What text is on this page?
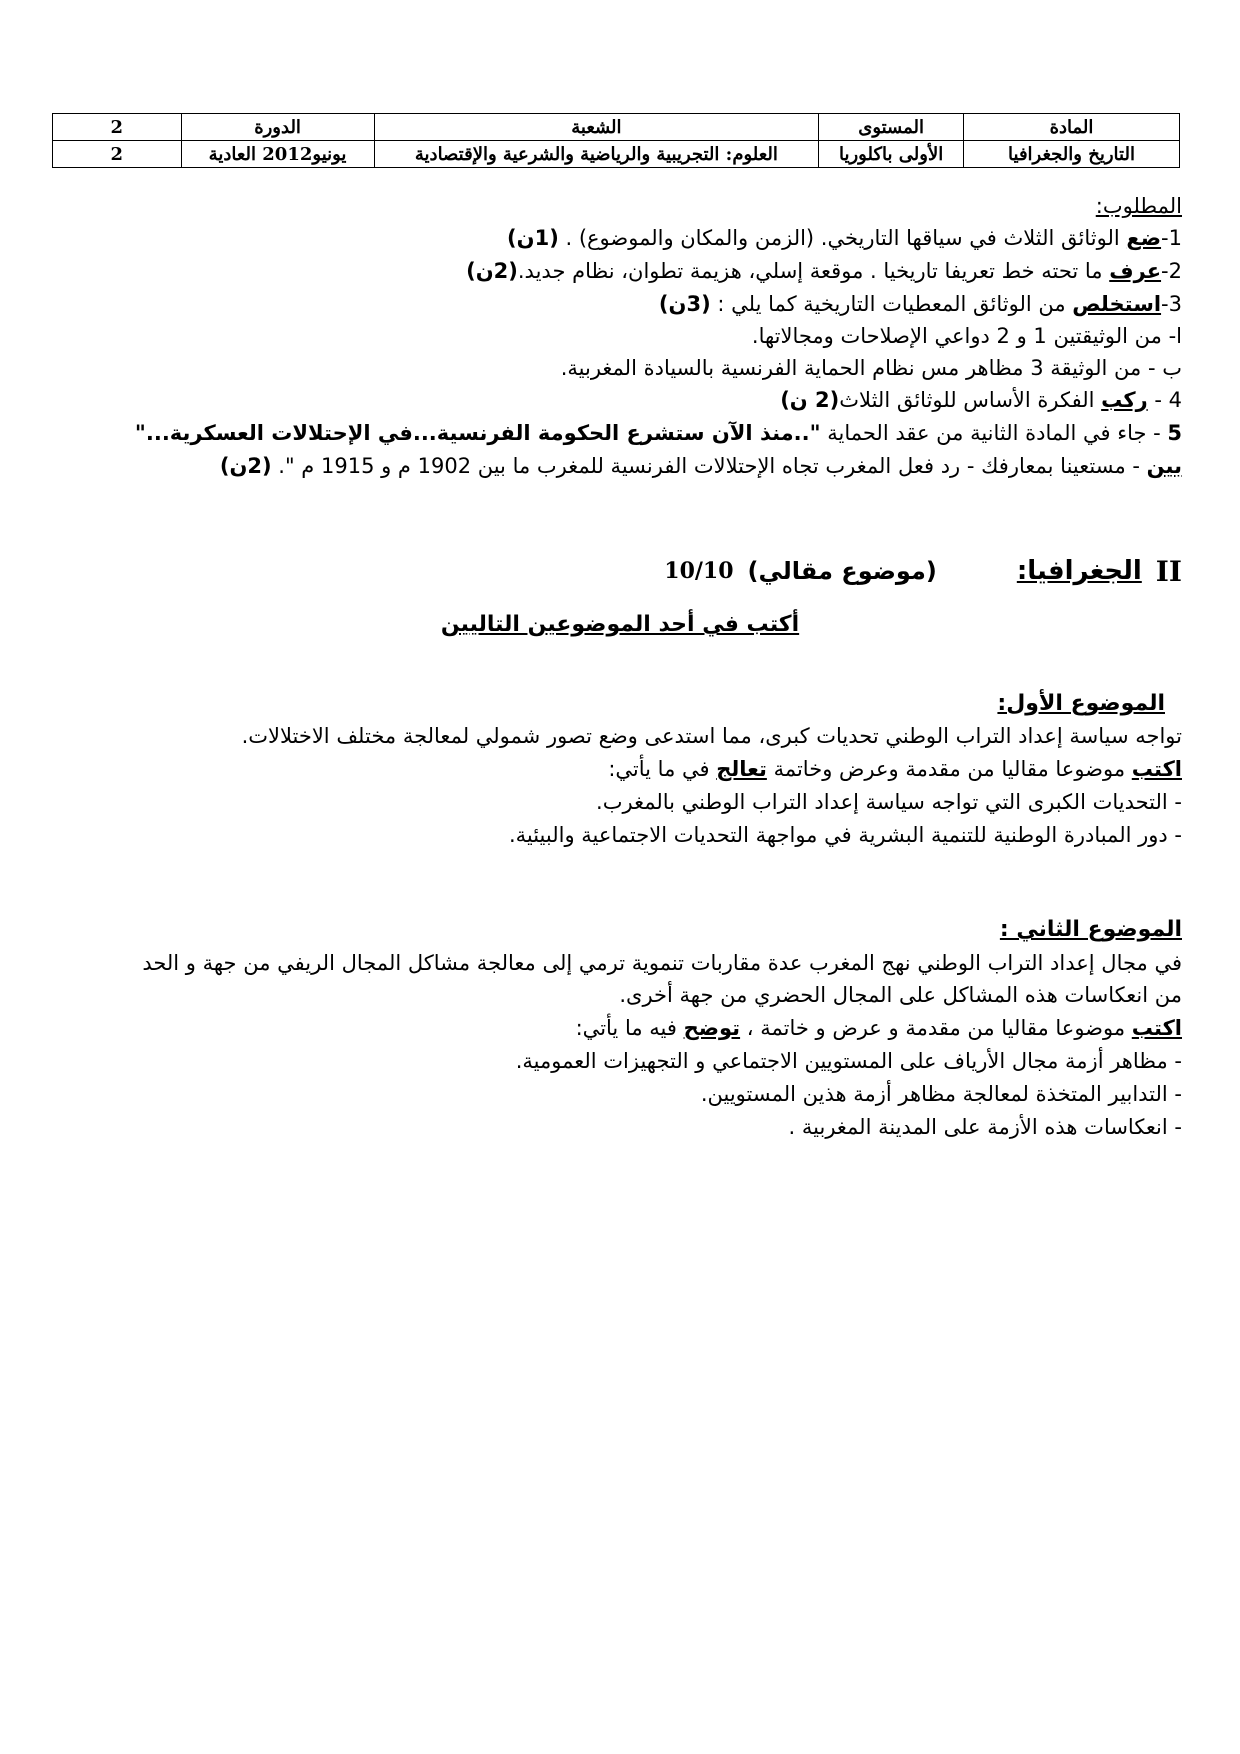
المادة	المستوى	الشعبة	الدورة	2
التاريخ والجغرافيا	الأولى باكلوريا	العلوم: التجريبية والرياضية والشرعية والإقتصادية	يونيو2012 العادية	2
المطلوب:
1-ضع الوثائق الثلاث في سياقها التاريخي. (الزمن والمكان والموضوع) . (1ن)
2-عرف ما تحته خط تعريفا تاريخيا . موقعة إسلي، هزيمة تطوان، نظام جديد.(2ن)
3-استخلص من الوثائق المعطيات التاريخية كما يلي : (3ن)
ا- من الوثيقتين 1 و 2 دواعي الإصلاحات ومجالاتها.
ب - من الوثيقة 3 مظاهر مس نظام الحماية الفرنسية بالسيادة المغربية.
4 - ركب الفكرة الأساس للوثائق الثلاث(2 ن)
5 - جاء في المادة الثانية من عقد الحماية "..منذ الآن ستشرع الحكومة الفرنسية...في الإحتلالات العسكرية..."
بين - مستعينا بمعارفك - رد فعل المغرب تجاه الإحتلالات الفرنسية للمغرب ما بين 1902 م و 1915 م ". (2ن)
II
الجغرافيا:
(موضوع مقالي)
10/10
أكتب في أحد الموضوعين التاليين
الموضوع الأول:
تواجه سياسة إعداد التراب الوطني تحديات كبرى، مما استدعى وضع تصور شمولي لمعالجة مختلف الاختلالات.
اكتب موضوعا مقاليا من مقدمة وعرض وخاتمة تعالج في ما يأتي:
- التحديات الكبرى التي تواجه سياسة إعداد التراب الوطني بالمغرب.
- دور المبادرة الوطنية للتنمية البشرية في مواجهة التحديات الاجتماعية والبيئية.
الموضوع الثاني :
في مجال إعداد التراب الوطني نهج المغرب عدة مقاربات تنموية ترمي إلى معالجة مشاكل المجال الريفي من جهة و الحد
من انعكاسات هذه المشاكل على المجال الحضري من جهة أخرى.
اكتب موضوعا مقاليا من مقدمة و عرض و خاتمة ، توضح فيه ما يأتي:
- مظاهر أزمة مجال الأرياف على المستويين الاجتماعي و التجهيزات العمومية.
- التدابير المتخذة لمعالجة مظاهر أزمة هذين المستويين.
- انعكاسات هذه الأزمة على المدينة المغربية .
